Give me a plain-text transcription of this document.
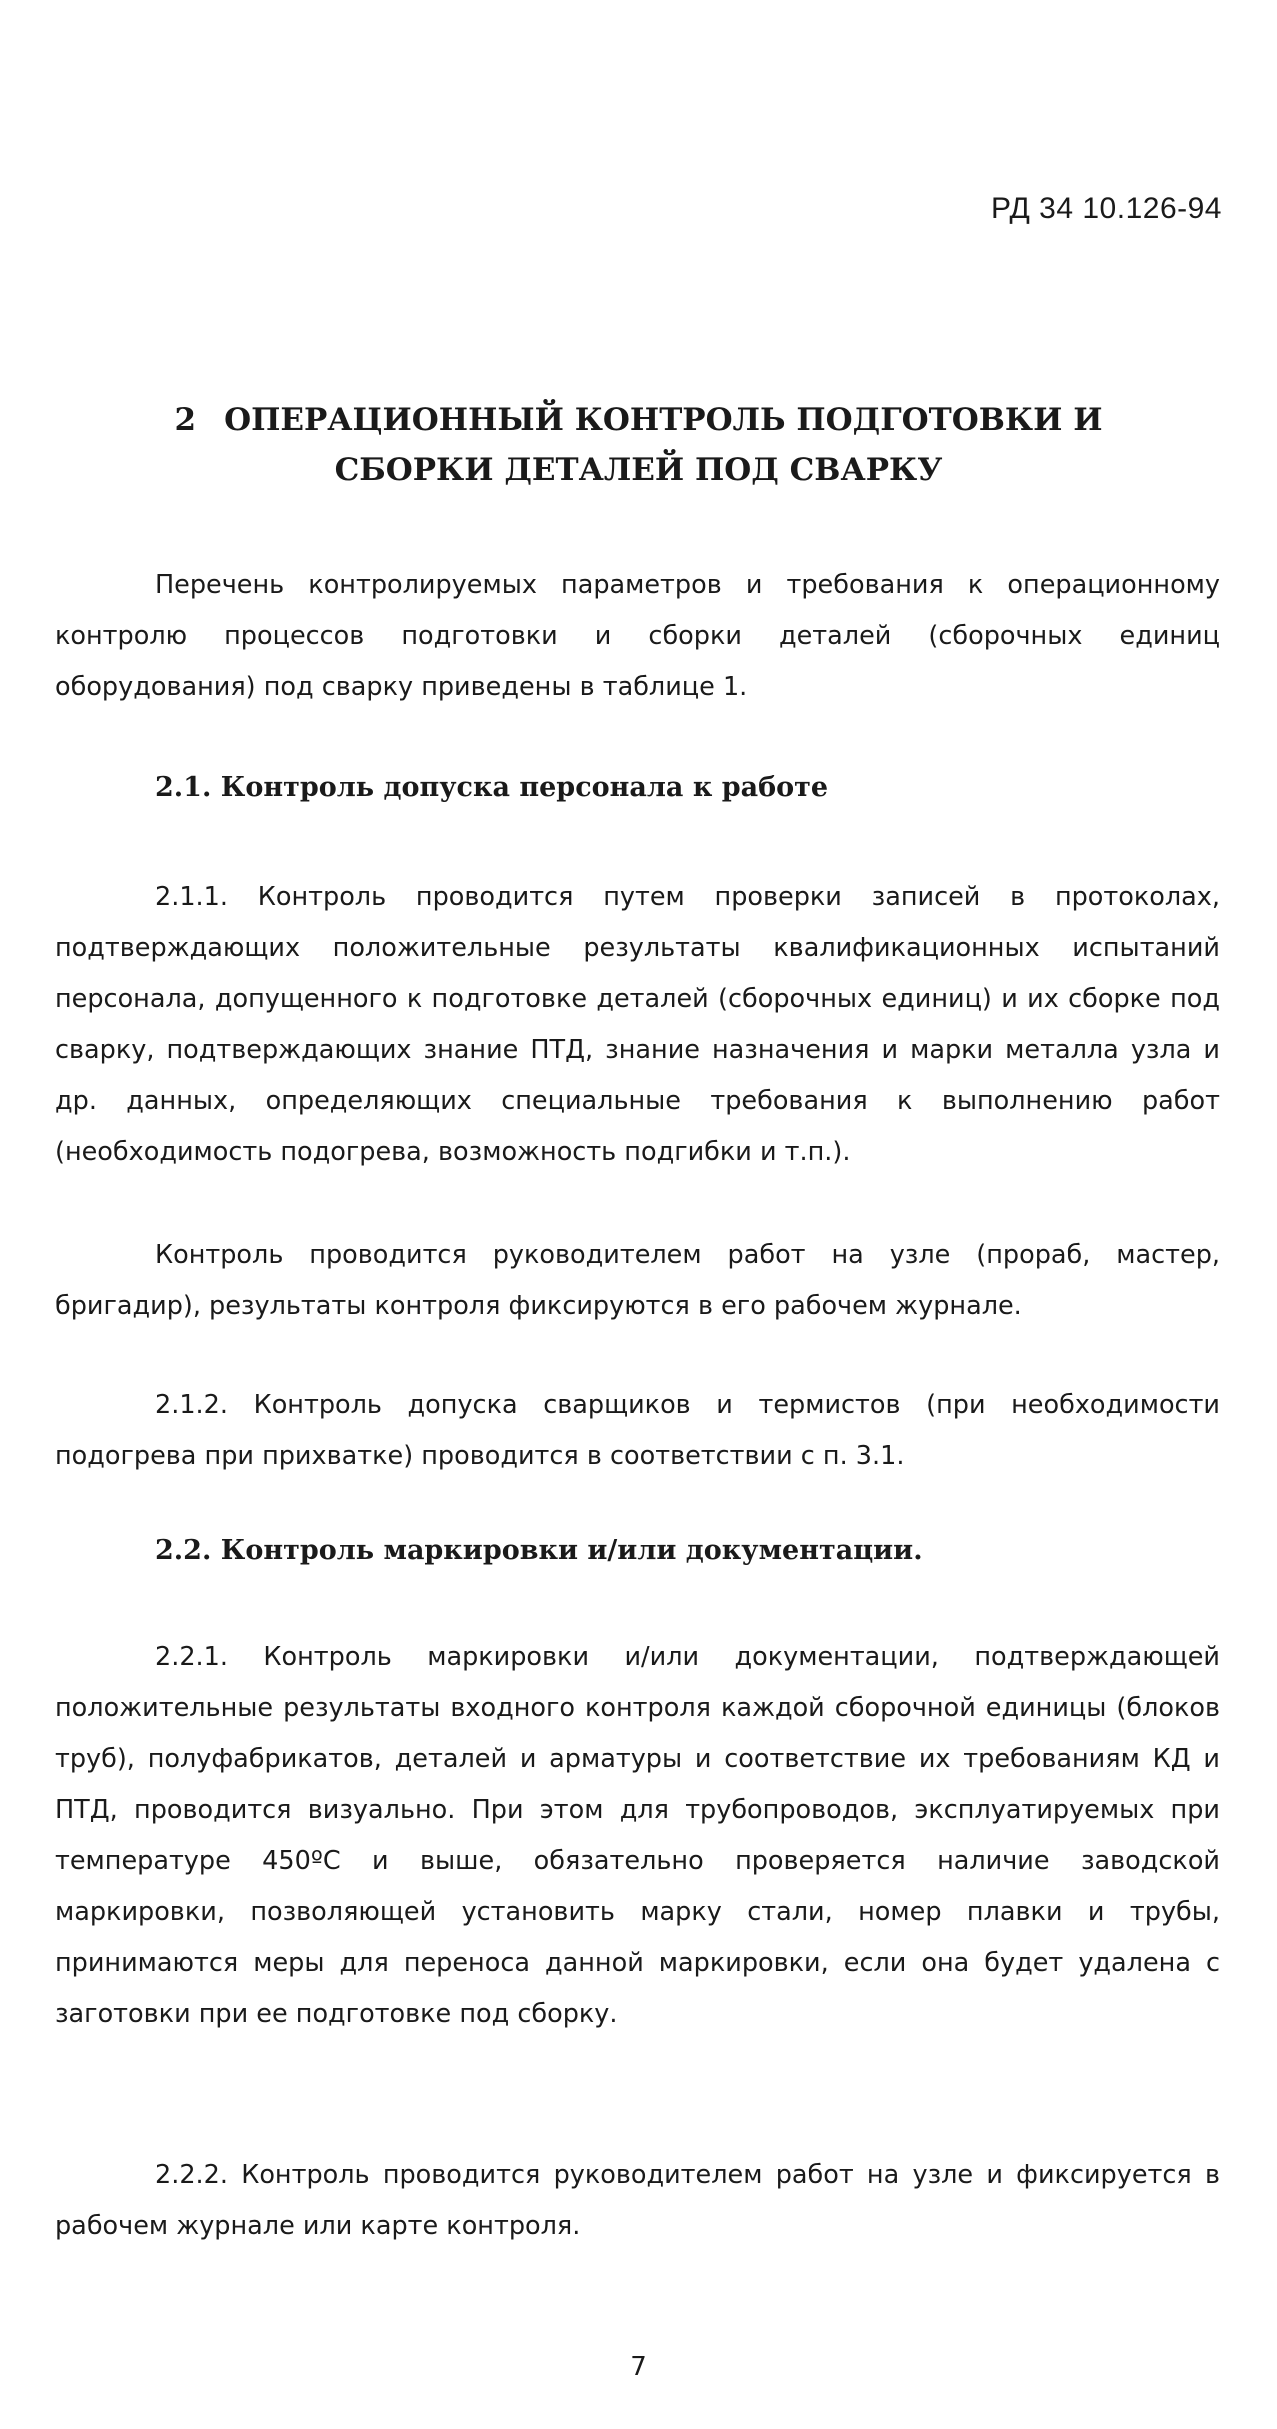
РД 34 10.126-94
2 ОПЕРАЦИОННЫЙ КОНТРОЛЬ ПОДГОТОВКИ И
СБОРКИ ДЕТАЛЕЙ ПОД СВАРКУ

Перечень контролируемых параметров и требования к операционному контролю процессов подготовки и сборки деталей (сборочных единиц оборудования) под сварку приведены в таблице 1.

2.1. Контроль допуска персонала к работе

2.1.1. Контроль проводится путем проверки записей в протоколах, подтверждающих положительные результаты квалификационных испытаний персонала, допущенного к подготовке деталей (сборочных единиц) и их сборке под сварку, подтверждающих знание ПТД, знание назначения и марки металла узла и др. данных, определяющих специальные требования к выполнению работ (необходимость подогрева, возможность подгибки и т.п.).

Контроль проводится руководителем работ на узле (прораб, мастер, бригадир), результаты контроля фиксируются в его рабочем журнале.

2.1.2. Контроль допуска сварщиков и термистов (при необходимости подогрева при прихватке) проводится в соответствии с п. 3.1.

2.2. Контроль маркировки и/или документации.

2.2.1. Контроль маркировки и/или документации, подтверждающей положительные результаты входного контроля каждой сборочной единицы (блоков труб), полуфабрикатов, деталей и арматуры и соответствие их требованиям КД и ПТД, проводится визуально. При этом для трубопроводов, эксплуатируемых при температуре 450ºС и выше, обязательно проверяется наличие заводской маркировки, позволяющей установить марку стали, номер плавки и трубы, принимаются меры для переноса данной маркировки, если она будет удалена с заготовки при ее подготовке под сборку.

2.2.2. Контроль проводится руководителем работ на узле и фиксируется в рабочем журнале или карте контроля.

7
